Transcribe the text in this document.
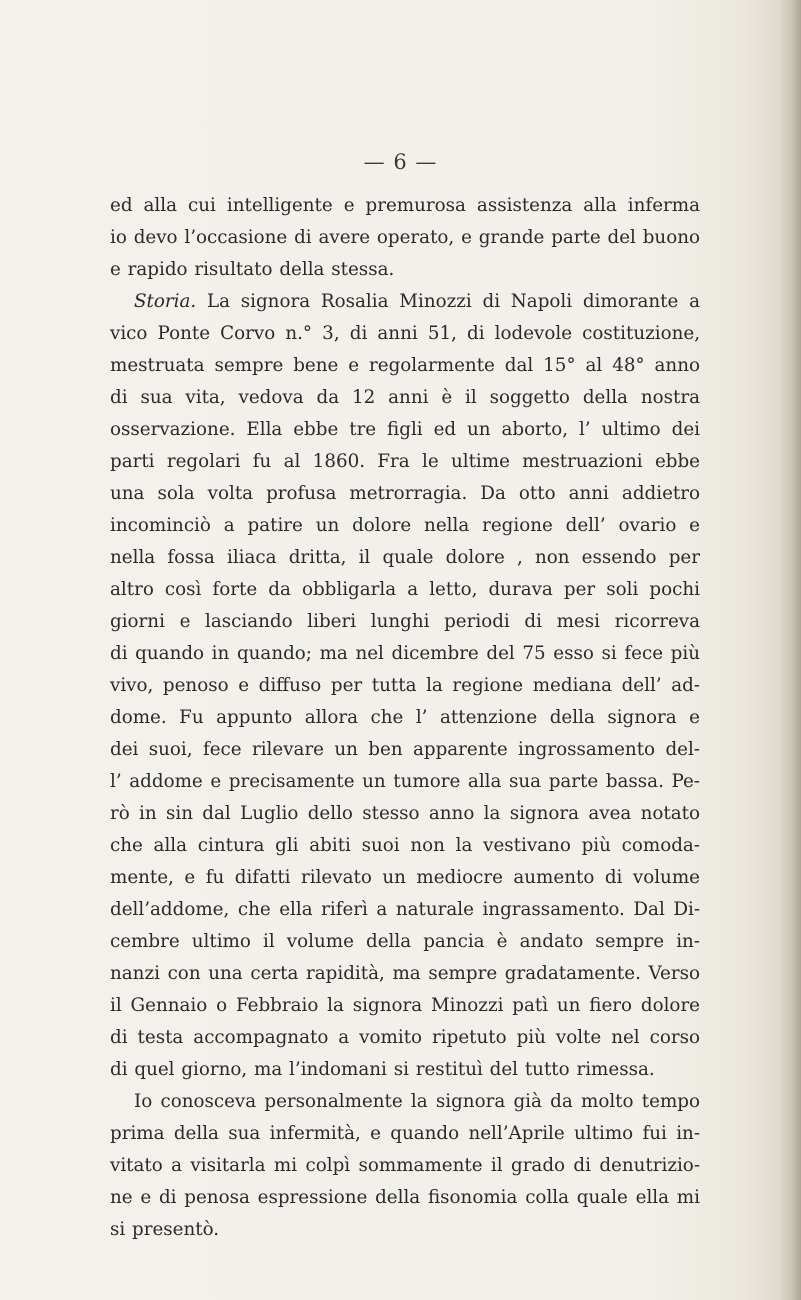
— 6 —
ed alla cui intelligente e premurosa assistenza alla inferma
io devo l’occasione di avere operato, e grande parte del buono
e rapido risultato della stessa.
Storia. La signora Rosalia Minozzi di Napoli dimorante a
vico Ponte Corvo n.° 3, di anni 51, di lodevole costituzione,
mestruata sempre bene e regolarmente dal 15° al 48° anno
di sua vita, vedova da 12 anni è il soggetto della nostra
osservazione. Ella ebbe tre figli ed un aborto, l’ ultimo dei
parti regolari fu al 1860. Fra le ultime mestruazioni ebbe
una sola volta profusa metrorragia. Da otto anni addietro
incominciò a patire un dolore nella regione dell’ ovario e
nella fossa iliaca dritta, il quale dolore , non essendo per
altro così forte da obbligarla a letto, durava per soli pochi
giorni e lasciando liberi lunghi periodi di mesi ricorreva
di quando in quando; ma nel dicembre del 75 esso si fece più
vivo, penoso e diffuso per tutta la regione mediana dell’ ad-
dome. Fu appunto allora che l’ attenzione della signora e
dei suoi, fece rilevare un ben apparente ingrossamento del-
l’ addome e precisamente un tumore alla sua parte bassa. Pe-
rò in sin dal Luglio dello stesso anno la signora avea notato
che alla cintura gli abiti suoi non la vestivano più comoda-
mente, e fu difatti rilevato un mediocre aumento di volume
dell’addome, che ella riferì a naturale ingrassamento. Dal Di-
cembre ultimo il volume della pancia è andato sempre in-
nanzi con una certa rapidità, ma sempre gradatamente. Verso
il Gennaio o Febbraio la signora Minozzi patì un fiero dolore
di testa accompagnato a vomito ripetuto più volte nel corso
di quel giorno, ma l’indomani si restituì del tutto rimessa.
Io conosceva personalmente la signora già da molto tempo
prima della sua infermità, e quando nell’Aprile ultimo fui in-
vitato a visitarla mi colpì sommamente il grado di denutrizio-
ne e di penosa espressione della fisonomia colla quale ella mi
si presentò.
